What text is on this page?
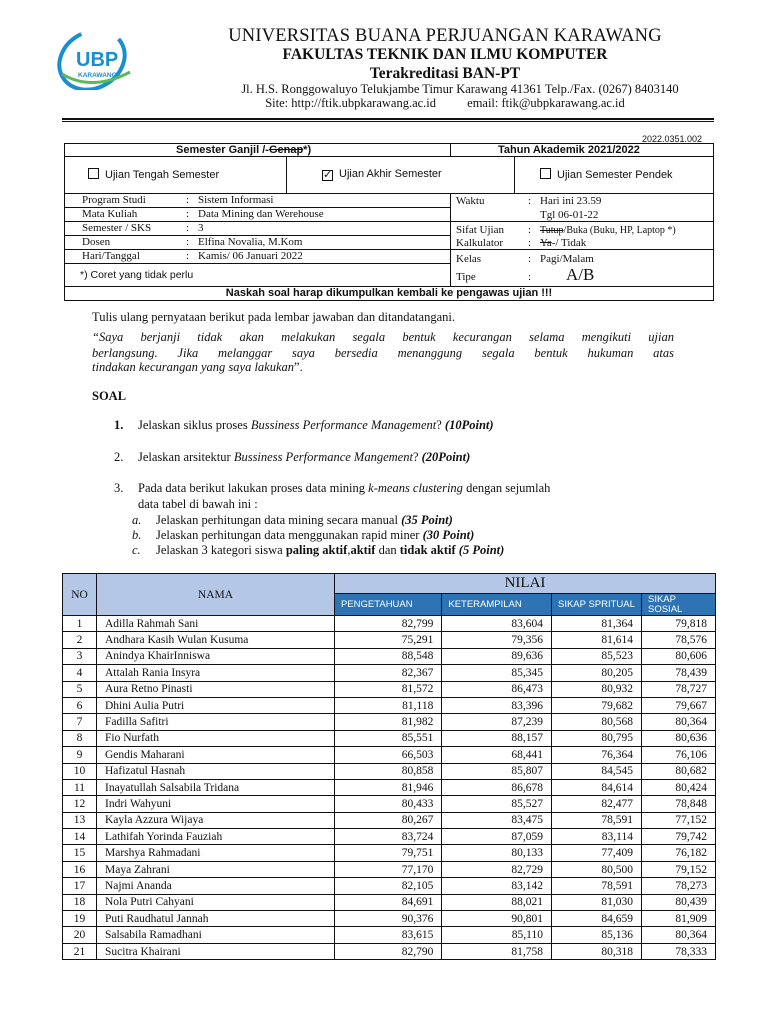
UBP
KARAWANG
UNIVERSITAS BUANA PERJUANGAN KARAWANG
FAKULTAS TEKNIK DAN ILMU KOMPUTER
Terakreditasi BAN-PT
Jl. H.S. Ronggowaluyo Telukjambe Timur Karawang 41361 Telp./Fax. (0267) 8403140
Site: http://ftik.ubpkarawang.ac.id email: ftik@ubpkarawang.ac.id
2022.0351.002
Semester Ganjil /-Genap*)	Tahun Akademik 2021/2022
Ujian Tengah Semester	✓ Ujian Akhir Semester	Ujian Semester Pendek
Program Studi	: Sistem Informasi
Mata Kuliah	: Data Mining dan Werehouse
Semester / SKS	: 3
Dosen	: Elfina Novalia, M.Kom
Hari/Tanggal	: Kamis/ 06 Januari 2022
*) Coret yang tidak perlu
Waktu	: Hari ini 23.59
Tgl 06-01-22
Sifat Ujian : Tutup/Buka (Buku, HP, Laptop *)
Kalkulator : Ya-/ Tidak
Kelas	: Pagi/Malam
Tipe	: A/B
Naskah soal harap dikumpulkan kembali ke pengawas ujian !!!
Tulis ulang pernyataan berikut pada lembar jawaban dan ditandatangani.
“Saya berjanji tidak akan melakukan segala bentuk kecurangan selama mengikuti ujian
berlangsung. Jika melanggar saya bersedia menanggung segala bentuk hukuman atas
tindakan kecurangan yang saya lakukan”.
SOAL
1. Jelaskan siklus proses Bussiness Performance Management? (10Point)
2. Jelaskan arsitektur Bussiness Performance Mangement? (20Point)
3. Pada data berikut lakukan proses data mining k-means clustering dengan sejumlah
data tabel di bawah ini :
a. Jelaskan perhitungan data mining secara manual (35 Point)
b. Jelaskan perhitungan data menggunakan rapid miner (30 Point)
c. Jelaskan 3 kategori siswa paling aktif,aktif dan tidak aktif (5 Point)
NO	NAMA	NILAI			
		PENGETAHUAN	KETERAMPILAN	SIKAP SPRITUAL	SIKAP SOSIAL
1	Adilla Rahmah Sani	82,799	83,604	81,364	79,818
2	Andhara Kasih Wulan Kusuma	75,291	79,356	81,614	78,576
3	Anindya KhairInniswa	88,548	89,636	85,523	80,606
4	Attalah Rania Insyra	82,367	85,345	80,205	78,439
5	Aura Retno Pinasti	81,572	86,473	80,932	78,727
6	Dhini Aulia Putri	81,118	83,396	79,682	79,667
7	Fadilla Safitri	81,982	87,239	80,568	80,364
8	Fio Nurfath	85,551	88,157	80,795	80,636
9	Gendis Maharani	66,503	68,441	76,364	76,106
10	Hafizatul Hasnah	80,858	85,807	84,545	80,682
11	Inayatullah Salsabila Tridana	81,946	86,678	84,614	80,424
12	Indri Wahyuni	80,433	85,527	82,477	78,848
13	Kayla Azzura Wijaya	80,267	83,475	78,591	77,152
14	Lathifah Yorinda Fauziah	83,724	87,059	83,114	79,742
15	Marshya Rahmadani	79,751	80,133	77,409	76,182
16	Maya Zahrani	77,170	82,729	80,500	79,152
17	Najmi Ananda	82,105	83,142	78,591	78,273
18	Nola Putri Cahyani	84,691	88,021	81,030	80,439
19	Puti Raudhatul Jannah	90,376	90,801	84,659	81,909
20	Salsabila Ramadhani	83,615	85,110	85,136	80,364
21	Sucitra Khairani	82,790	81,758	80,318	78,333
